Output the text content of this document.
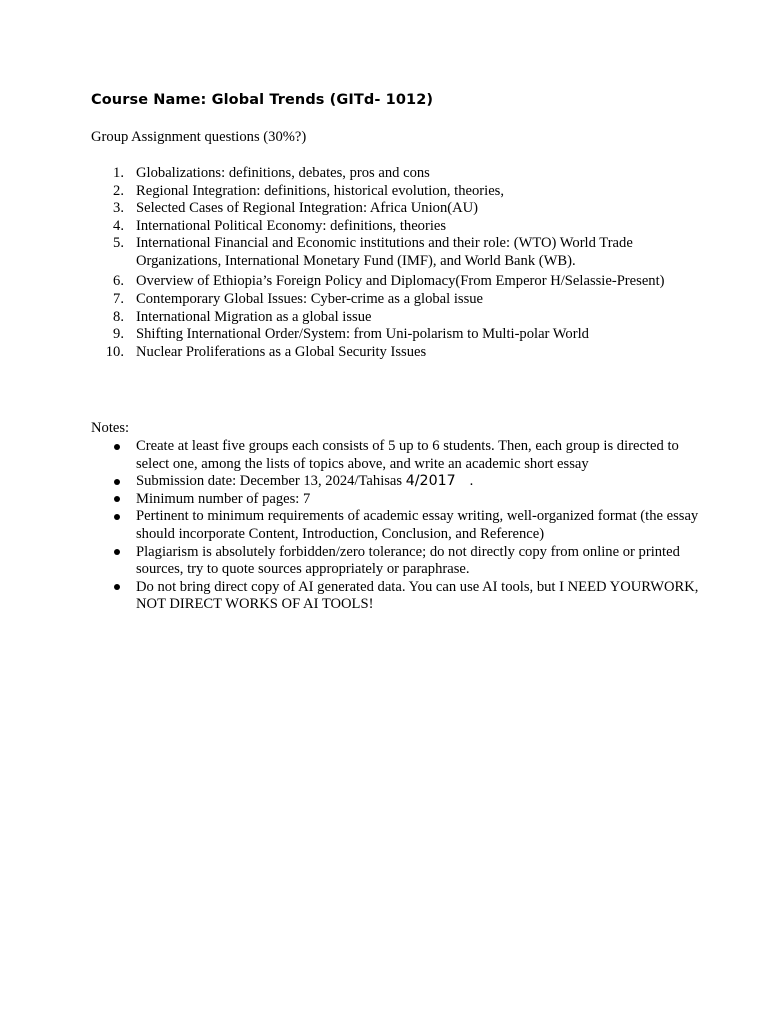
Course Name: Global Trends (GITd- 1012)
Group Assignment questions (30%?)
1. Globalizations: definitions, debates, pros and cons
2. Regional Integration: definitions, historical evolution, theories,
3. Selected Cases of Regional Integration: Africa Union(AU)
4. International Political Economy: definitions, theories
5. International Financial and Economic institutions and their role: (WTO) World Trade Organizations, International Monetary Fund (IMF), and World Bank (WB).
6. Overview of Ethiopia’s Foreign Policy and Diplomacy(From Emperor H/Selassie-Present)
7. Contemporary Global Issues: Cyber-crime as a global issue
8. International Migration as a global issue
9. Shifting International Order/System: from Uni-polarism to Multi-polar World
10. Nuclear Proliferations as a Global Security Issues
Notes:
Create at least five groups each consists of 5 up to 6 students. Then, each group is directed to select one, among the lists of topics above, and write an academic short essay
Submission date: December 13, 2024/Tahisas 4/2017 .
Minimum number of pages: 7
Pertinent to minimum requirements of academic essay writing, well-organized format (the essay should incorporate Content, Introduction, Conclusion, and Reference)
Plagiarism is absolutely forbidden/zero tolerance; do not directly copy from online or printed sources, try to quote sources appropriately or paraphrase.
Do not bring direct copy of AI generated data. You can use AI tools, but I NEED YOURWORK, NOT DIRECT WORKS OF AI TOOLS!
